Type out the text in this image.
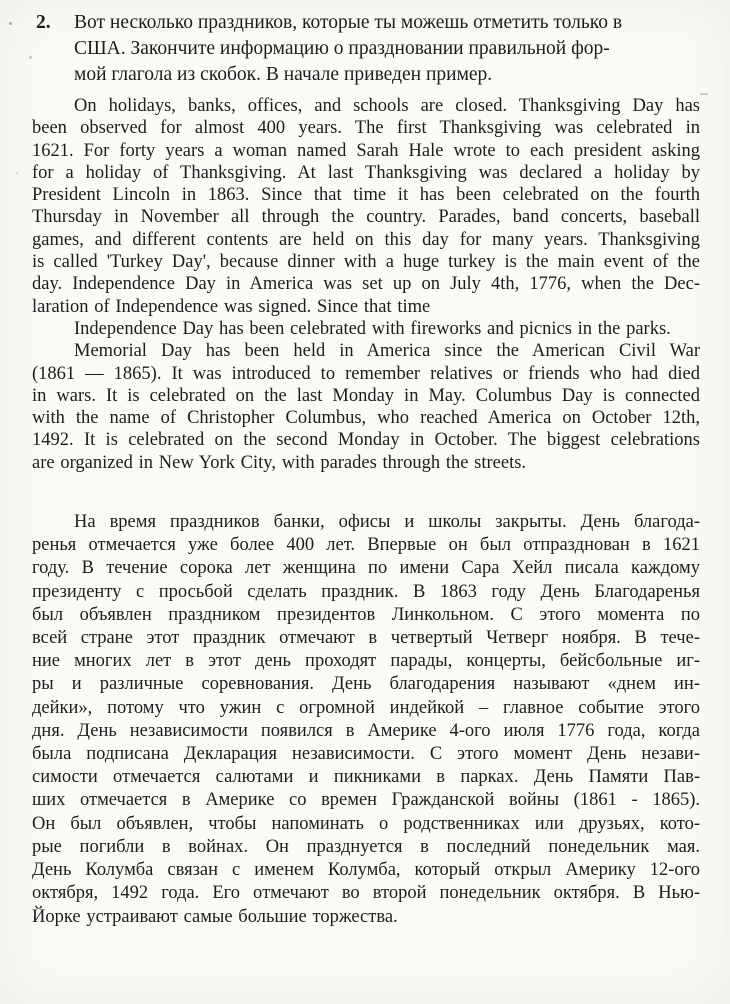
2.	Вот несколько праздников, которые ты можешь отметить только в
США. Закончите информацию о праздновании правильной фор-
мой глагола из скобок. В начале приведен пример.
On holidays, banks, offices, and schools are closed. Thanksgiving Day has
been observed for almost 400 years. The first Thanksgiving was celebrated in
1621. For forty years a woman named Sarah Hale wrote to each president asking
for a holiday of Thanksgiving. At last Thanksgiving was declared a holiday by
President Lincoln in 1863. Since that time it has been celebrated on the fourth
Thursday in November all through the country. Parades, band concerts, baseball
games, and different contents are held on this day for many years. Thanksgiving
is called 'Turkey Day', because dinner with a huge turkey is the main event of the
day. Independence Day in America was set up on July 4th, 1776, when the Dec-
laration of Independence was signed. Since that time
Independence Day has been celebrated with fireworks and picnics in the parks.
Memorial Day has been held in America since the American Civil War
(1861 — 1865). It was introduced to remember relatives or friends who had died
in wars. It is celebrated on the last Monday in May. Columbus Day is connected
with the name of Christopher Columbus, who reached America on October 12th,
1492. It is celebrated on the second Monday in October. The biggest celebrations
are organized in New York City, with parades through the streets.
На время праздников банки, офисы и школы закрыты. День благода-
ренья отмечается уже более 400 лет. Впервые он был отпразднован в 1621
году. В течение сорока лет женщина по имени Сара Хейл писала каждому
президенту с просьбой сделать праздник. В 1863 году День Благодаренья
был объявлен праздником президентов Линкольном. С этого момента по
всей стране этот праздник отмечают в четвертый Четверг ноября. В тече-
ние многих лет в этот день проходят парады, концерты, бейсбольные иг-
ры и различные соревнования. День благодарения называют «днем ин-
дейки», потому что ужин с огромной индейкой – главное событие этого
дня. День независимости появился в Америке 4-ого июля 1776 года, когда
была подписана Декларация независимости. С этого момент День незави-
симости отмечается салютами и пикниками в парках. День Памяти Пав-
ших отмечается в Америке со времен Гражданской войны (1861 - 1865).
Он был объявлен, чтобы напоминать о родственниках или друзьях, кото-
рые погибли в войнах. Он празднуется в последний понедельник мая.
День Колумба связан с именем Колумба, который открыл Америку 12-ого
октября, 1492 года. Его отмечают во второй понедельник октября. В Нью-
Йорке устраивают самые большие торжества.
